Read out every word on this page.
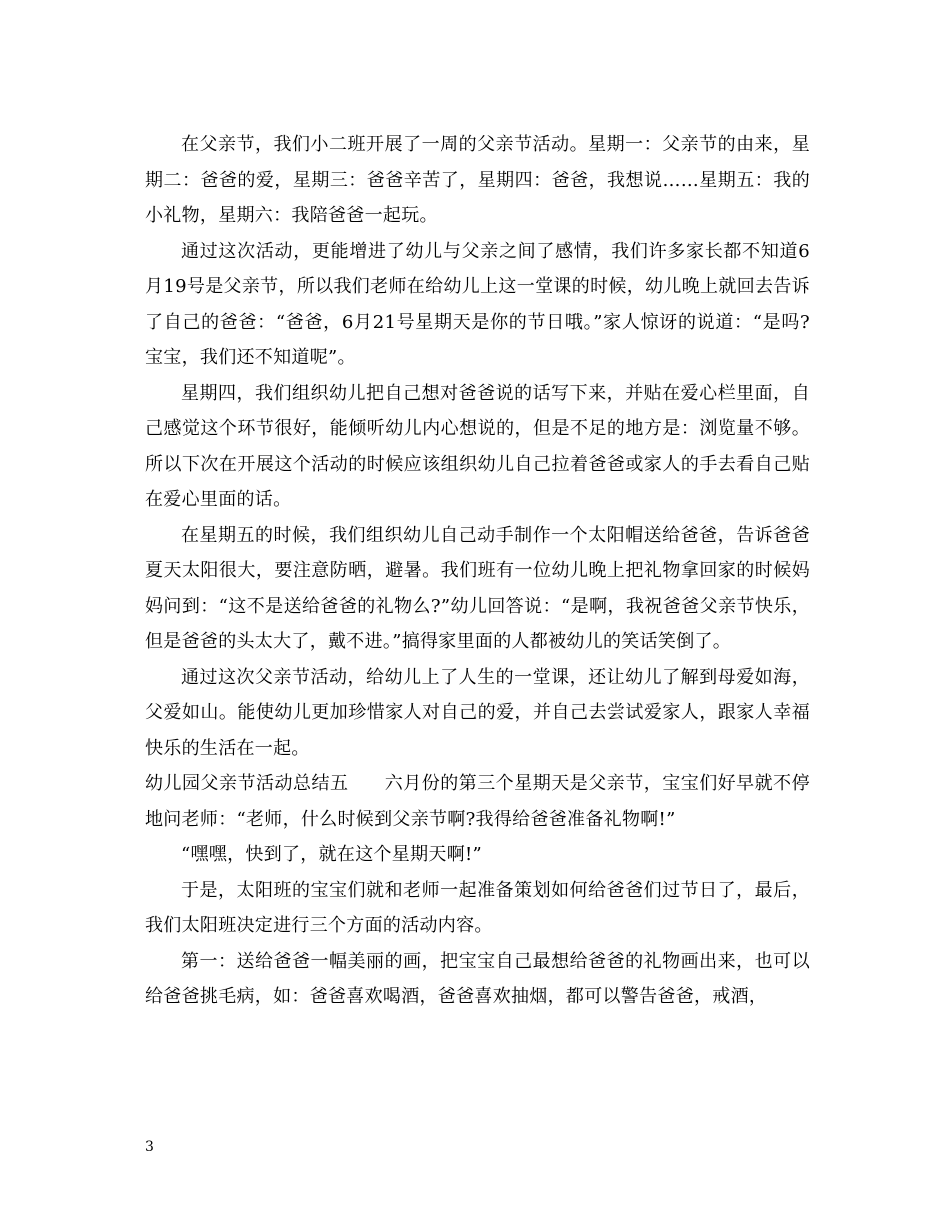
在父亲节，我们小二班开展了一周的父亲节活动。星期一：父亲节的由来，星期二：爸爸的爱，星期三：爸爸辛苦了，星期四：爸爸，我想说……星期五：我的小礼物，星期六：我陪爸爸一起玩。

通过这次活动，更能增进了幼儿与父亲之间了感情，我们许多家长都不知道6月19号是父亲节，所以我们老师在给幼儿上这一堂课的时候，幼儿晚上就回去告诉了自己的爸爸：“爸爸，6月21号星期天是你的节日哦。”家人惊讶的说道：“是吗?宝宝，我们还不知道呢”。

星期四，我们组织幼儿把自己想对爸爸说的话写下来，并贴在爱心栏里面，自己感觉这个环节很好，能倾听幼儿内心想说的，但是不足的地方是：浏览量不够。所以下次在开展这个活动的时候应该组织幼儿自己拉着爸爸或家人的手去看自己贴在爱心里面的话。

在星期五的时候，我们组织幼儿自己动手制作一个太阳帽送给爸爸，告诉爸爸夏天太阳很大，要注意防晒，避暑。我们班有一位幼儿晚上把礼物拿回家的时候妈妈问到：“这不是送给爸爸的礼物么?”幼儿回答说：“是啊，我祝爸爸父亲节快乐，但是爸爸的头太大了，戴不进。”搞得家里面的人都被幼儿的笑话笑倒了。

通过这次父亲节活动，给幼儿上了人生的一堂课，还让幼儿了解到母爱如海，父爱如山。能使幼儿更加珍惜家人对自己的爱，并自己去尝试爱家人，跟家人幸福快乐的生活在一起。

幼儿园父亲节活动总结五 六月份的第三个星期天是父亲节，宝宝们好早就不停地问老师：“老师，什么时候到父亲节啊?我得给爸爸准备礼物啊!”

“嘿嘿，快到了，就在这个星期天啊!”

于是，太阳班的宝宝们就和老师一起准备策划如何给爸爸们过节日了，最后，我们太阳班决定进行三个方面的活动内容。

第一：送给爸爸一幅美丽的画，把宝宝自己最想给爸爸的礼物画出来，也可以给爸爸挑毛病，如：爸爸喜欢喝酒，爸爸喜欢抽烟，都可以警告爸爸，戒酒，

3
